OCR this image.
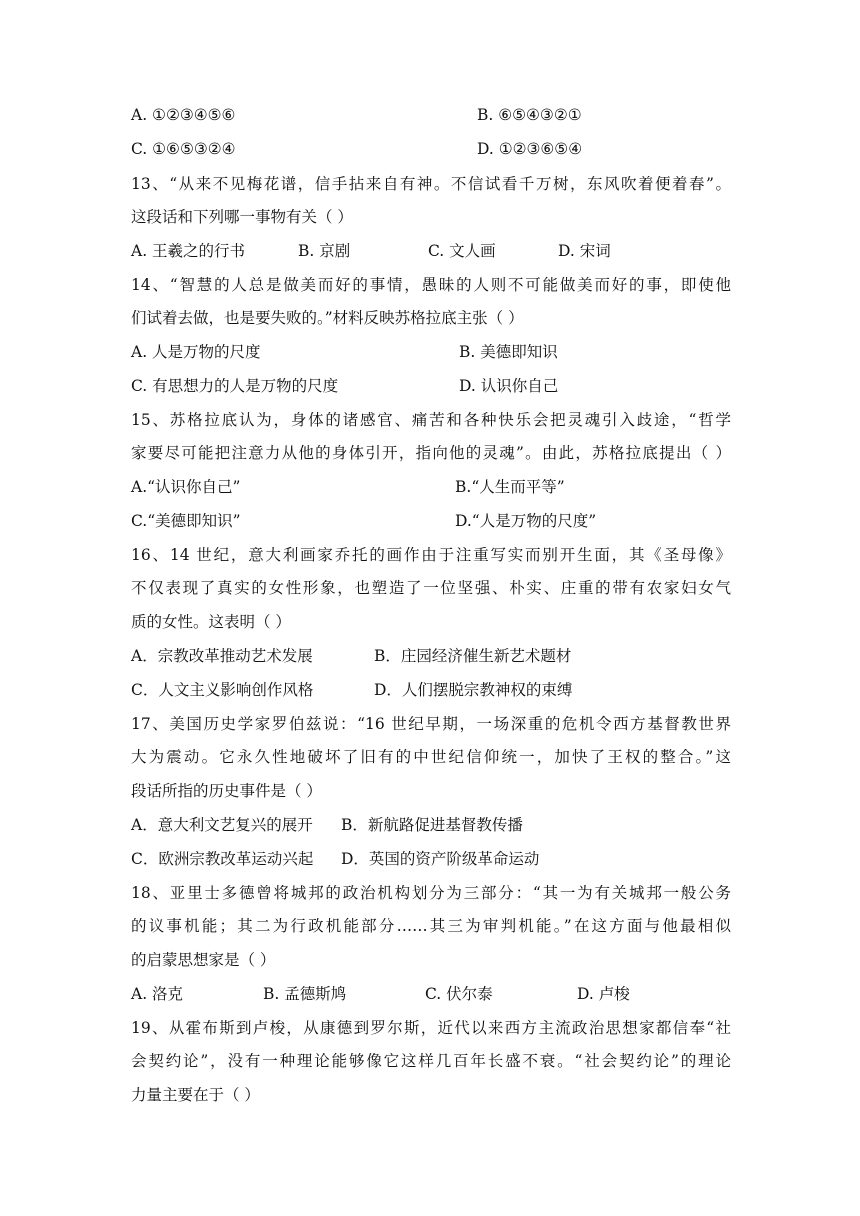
A. ①②③④⑤⑥	B. ⑥⑤④③②①
C. ①⑥⑤③②④	D. ①②③⑥⑤④
13、“从来不见梅花谱，信手拈来自有神。不信试看千万树，东风吹着便着春”。
这段话和下列哪一事物有关（ ）
A. 王羲之的行书	B. 京剧	C. 文人画	D. 宋词
14、“智慧的人总是做美而好的事情，愚昧的人则不可能做美而好的事，即使他
们试着去做，也是要失败的。”材料反映苏格拉底主张（ ）
A. 人是万物的尺度	B. 美德即知识
C. 有思想力的人是万物的尺度	D. 认识你自己
15、苏格拉底认为，身体的诸感官、痛苦和各种快乐会把灵魂引入歧途，“哲学
家要尽可能把注意力从他的身体引开，指向他的灵魂”。由此，苏格拉底提出（ ）
A.“认识你自己”	B.“人生而平等”
C.“美德即知识”	D.“人是万物的尺度”
16、14 世纪，意大利画家乔托的画作由于注重写实而别开生面，其《圣母像》
不仅表现了真实的女性形象，也塑造了一位坚强、朴实、庄重的带有农家妇女气
质的女性。这表明（ ）
A．宗教改革推动艺术发展	B．庄园经济催生新艺术题材
C．人文主义影响创作风格	D．人们摆脱宗教神权的束缚
17、美国历史学家罗伯兹说：“16 世纪早期，一场深重的危机令西方基督教世界
大为震动。它永久性地破坏了旧有的中世纪信仰统一，加快了王权的整合。”这
段话所指的历史事件是（ ）
A．意大利文艺复兴的展开 B．新航路促进基督教传播
C．欧洲宗教改革运动兴起 D．英国的资产阶级革命运动
18、亚里士多德曾将城邦的政治机构划分为三部分：“其一为有关城邦一般公务
的议事机能；其二为行政机能部分……其三为审判机能。”在这方面与他最相似
的启蒙思想家是（ ）
A. 洛克	B. 孟德斯鸠	C. 伏尔泰	D. 卢梭
19、从霍布斯到卢梭，从康德到罗尔斯，近代以来西方主流政治思想家都信奉“社
会契约论”，没有一种理论能够像它这样几百年长盛不衰。“社会契约论”的理论
力量主要在于（ ）
